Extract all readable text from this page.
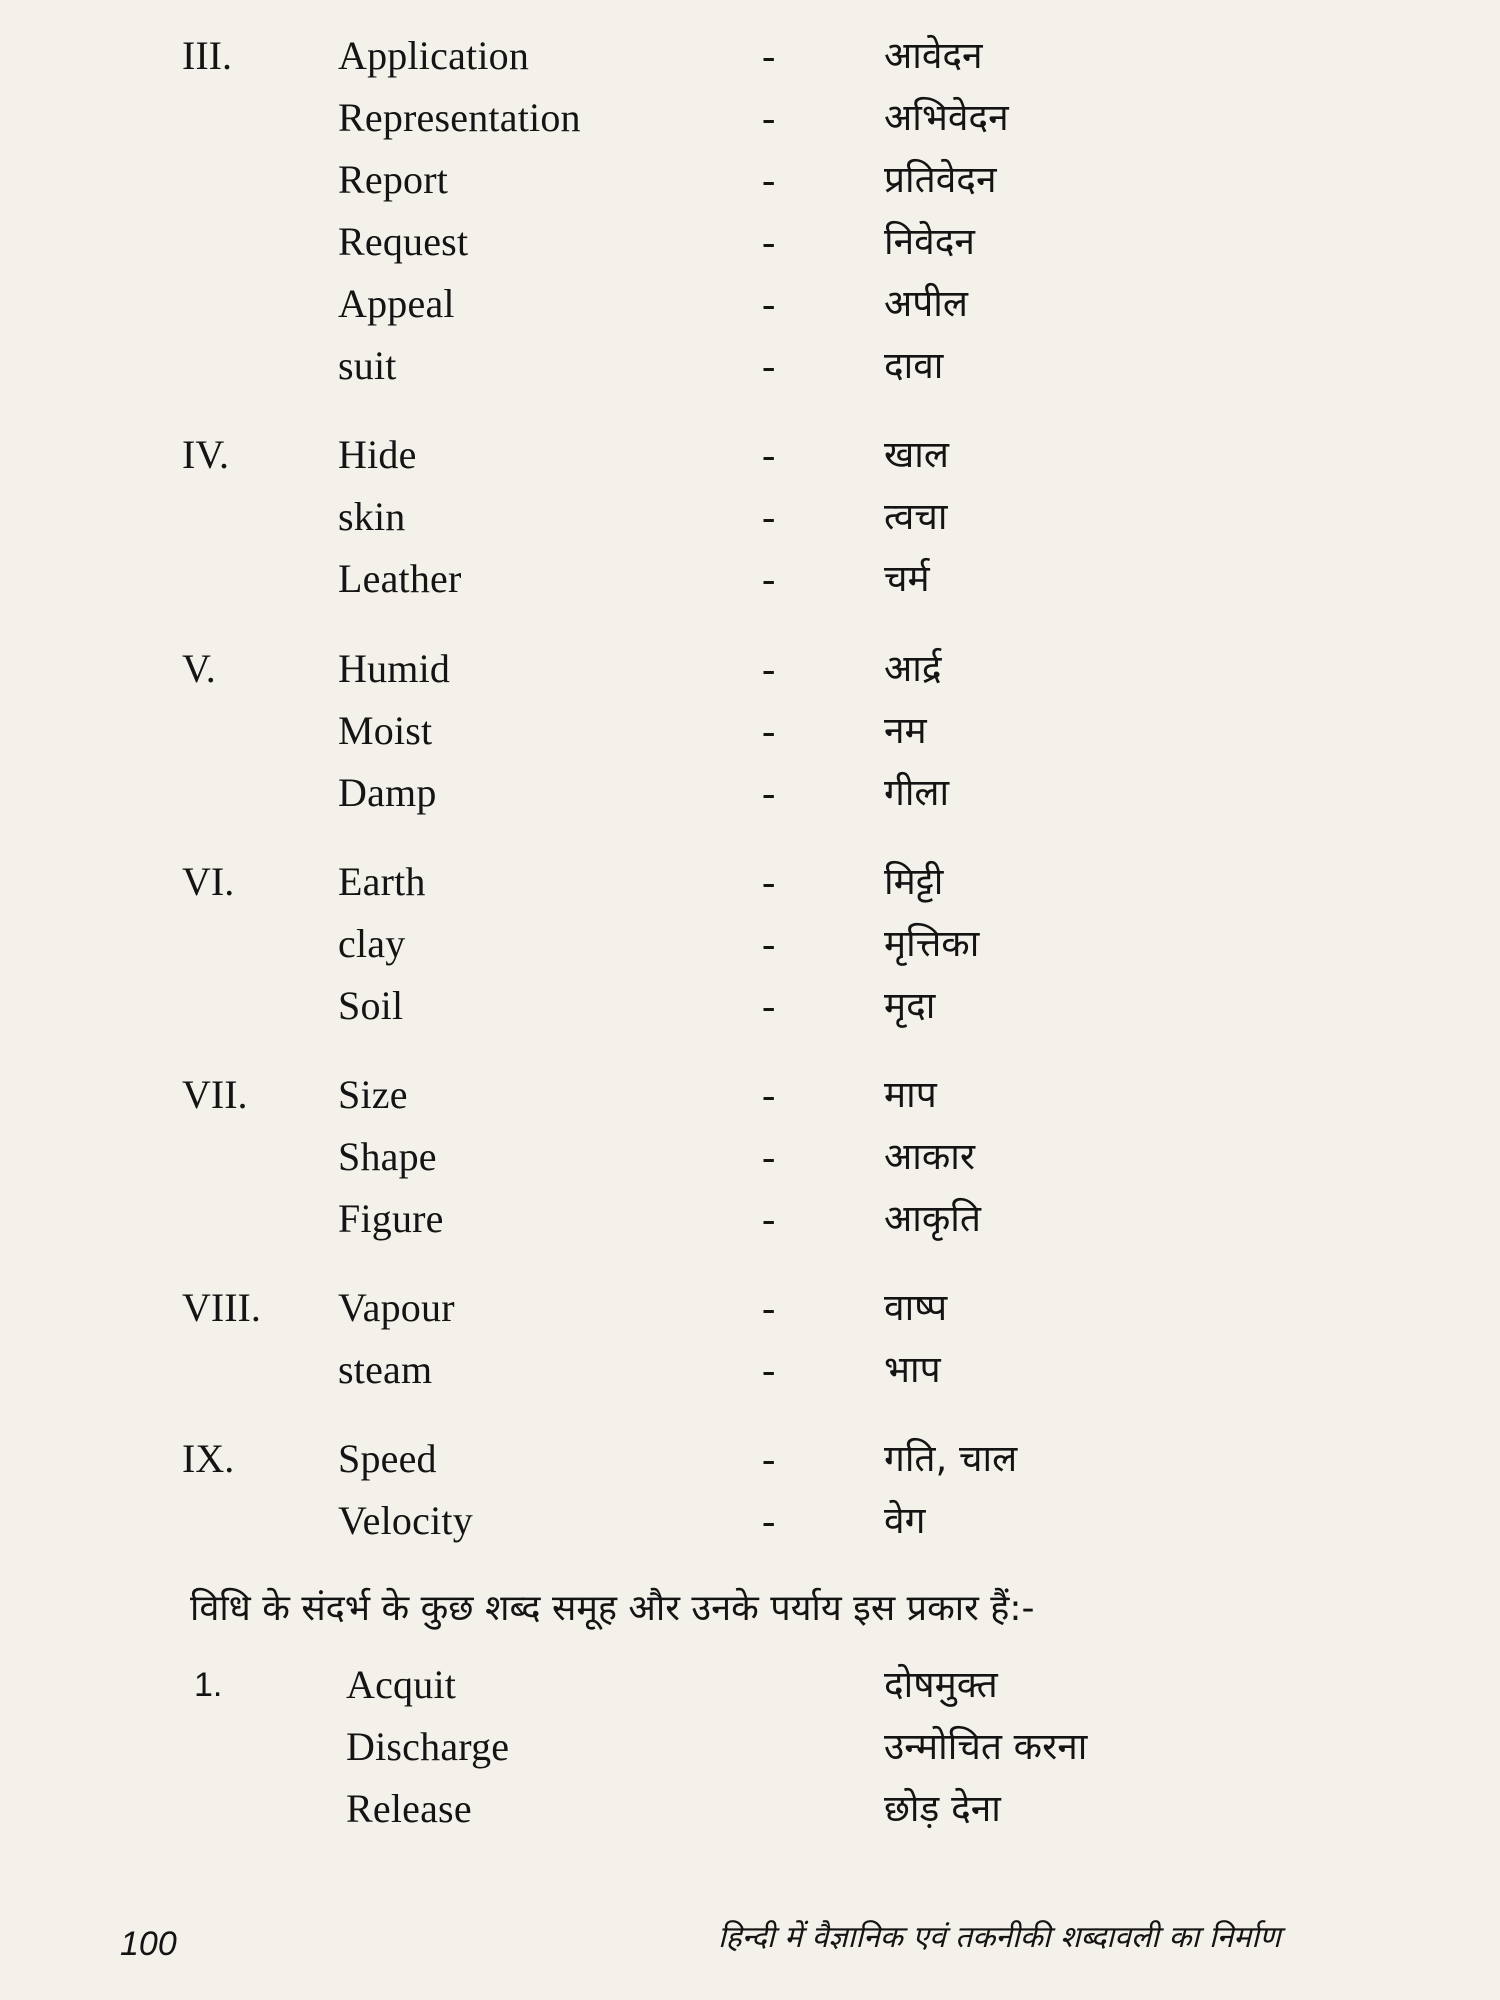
III.	Application	-	आवेदन
Representation	-	अभिवेदन
Report	-	प्रतिवेदन
Request	-	निवेदन
Appeal	-	अपील
suit	-	दावा
IV.	Hide	-	खाल
skin	-	त्वचा
Leather	-	चर्म
V.	Humid	-	आर्द्र
Moist	-	नम
Damp	-	गीला
VI.	Earth	-	मिट्टी
clay	-	मृत्तिका
Soil	-	मृदा
VII. Size	-	माप
Shape	-	आकार
Figure	-	आकृति
VIII. Vapour	-	वाष्प
steam	-	भाप
IX.	Speed	-	गति, चाल
Velocity	-	वेग
विधि के संदर्भ के कुछ शब्द समूह और उनके पर्याय इस प्रकार हैं:-
1.	Acquit	दोषमुक्त
Discharge	उन्मोचित करना
Release	छोड़ देना
100	हिन्दी में वैज्ञानिक एवं तकनीकी शब्दावली का निर्माण
